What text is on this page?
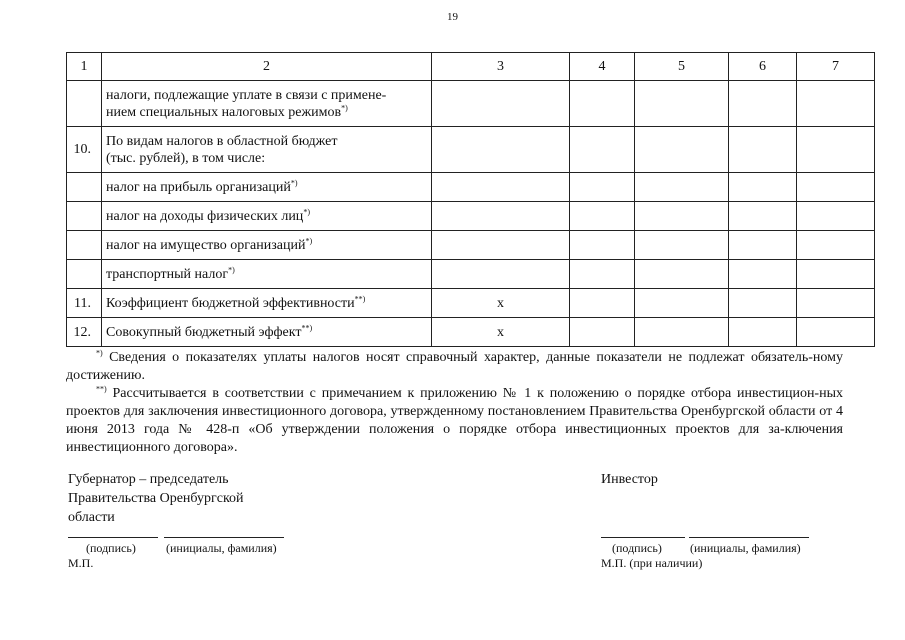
19
1	2	3	4	5	6	7
	налоги, подлежащие уплате в связи с примене-
нием специальных налоговых режимов*)					
10.	По видам налогов в областной бюджет
(тыс. рублей), в том числе:					
	налог на прибыль организаций*)					
	налог на доходы физических лиц*)					
	налог на имущество организаций*)					
	транспортный налог*)					
11.	Коэффициент бюджетной эффективности**)	х				
12.	Совокупный бюджетный эффект**)	х				

*) Сведения о показателях уплаты налогов носят справочный характер, данные показатели не подлежат обязатель-ному достижению.

**) Рассчитывается в соответствии с примечанием к приложению № 1 к положению о порядке отбора инвестицион-ных проектов для заключения инвестиционного договора, утвержденному постановлением Правительства Оренбургской области от 4 июня 2013 года № 428-п «Об утверждении положения о порядке отбора инвестиционных проектов для за-ключения инвестиционного договора».

Губернатор – председатель
Правительства Оренбургской
области
(подпись)	(инициалы, фамилия)
М.П.
Инвестор
(подпись) (инициалы, фамилия)
М.П. (при наличии)
